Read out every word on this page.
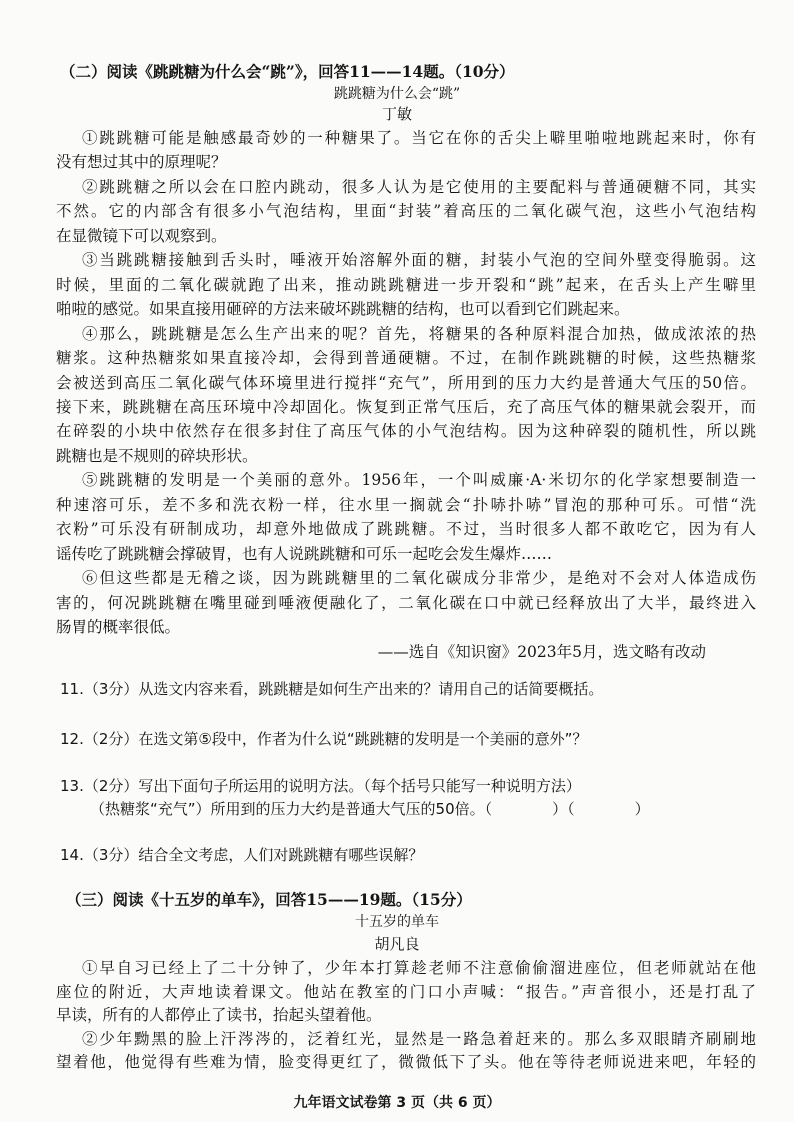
（二）阅读《跳跳糖为什么会“跳”》，回答11——14题。（10分）
跳跳糖为什么会“跳”
丁敏
①跳跳糖可能是触感最奇妙的一种糖果了。当它在你的舌尖上噼里啪啦地跳起来时，你有
没有想过其中的原理呢？
②跳跳糖之所以会在口腔内跳动，很多人认为是它使用的主要配料与普通硬糖不同，其实
不然。它的内部含有很多小气泡结构，里面“封装”着高压的二氧化碳气泡，这些小气泡结构
在显微镜下可以观察到。
③当跳跳糖接触到舌头时，唾液开始溶解外面的糖，封装小气泡的空间外壁变得脆弱。这
时候，里面的二氧化碳就跑了出来，推动跳跳糖进一步开裂和“跳”起来，在舌头上产生噼里
啪啦的感觉。如果直接用砸碎的方法来破坏跳跳糖的结构，也可以看到它们跳起来。
④那么，跳跳糖是怎么生产出来的呢？首先，将糖果的各种原料混合加热，做成浓浓的热
糖浆。这种热糖浆如果直接冷却，会得到普通硬糖。不过，在制作跳跳糖的时候，这些热糖浆
会被送到高压二氧化碳气体环境里进行搅拌“充气”，所用到的压力大约是普通大气压的50倍。
接下来，跳跳糖在高压环境中冷却固化。恢复到正常气压后，充了高压气体的糖果就会裂开，而
在碎裂的小块中依然存在很多封住了高压气体的小气泡结构。因为这种碎裂的随机性，所以跳
跳糖也是不规则的碎块形状。
⑤跳跳糖的发明是一个美丽的意外。1956年，一个叫威廉·A·米切尔的化学家想要制造一
种速溶可乐，差不多和洗衣粉一样，往水里一搁就会“扑哧扑哧”冒泡的那种可乐。可惜“洗
衣粉”可乐没有研制成功，却意外地做成了跳跳糖。不过，当时很多人都不敢吃它，因为有人
谣传吃了跳跳糖会撑破胃，也有人说跳跳糖和可乐一起吃会发生爆炸……
⑥但这些都是无稽之谈，因为跳跳糖里的二氧化碳成分非常少，是绝对不会对人体造成伤
害的，何况跳跳糖在嘴里碰到唾液便融化了，二氧化碳在口中就已经释放出了大半，最终进入
肠胃的概率很低。
——选自《知识窗》2023年5月，选文略有改动
11.（3分）从选文内容来看，跳跳糖是如何生产出来的？请用自己的话简要概括。
12.（2分）在选文第⑤段中，作者为什么说“跳跳糖的发明是一个美丽的意外”？
13.（2分）写出下面句子所运用的说明方法。（每个括号只能写一种说明方法）
（热糖浆“充气”）所用到的压力大约是普通大气压的50倍。（　　　　）（　　　　）
14.（3分）结合全文考虑，人们对跳跳糖有哪些误解？
（三）阅读《十五岁的单车》，回答15——19题。（15分）
十五岁的单车
胡凡良
①早自习已经上了二十分钟了，少年本打算趁老师不注意偷偷溜进座位，但老师就站在他
座位的附近，大声地读着课文。他站在教室的门口小声喊：“报告。”声音很小，还是打乱了
早读，所有的人都停止了读书，抬起头望着他。
②少年黝黑的脸上汗涔涔的，泛着红光，显然是一路急着赶来的。那么多双眼睛齐刷刷地
望着他，他觉得有些难为情，脸变得更红了，微微低下了头。他在等待老师说进来吧，年轻的
九年语文试卷第 3 页（共 6 页）
